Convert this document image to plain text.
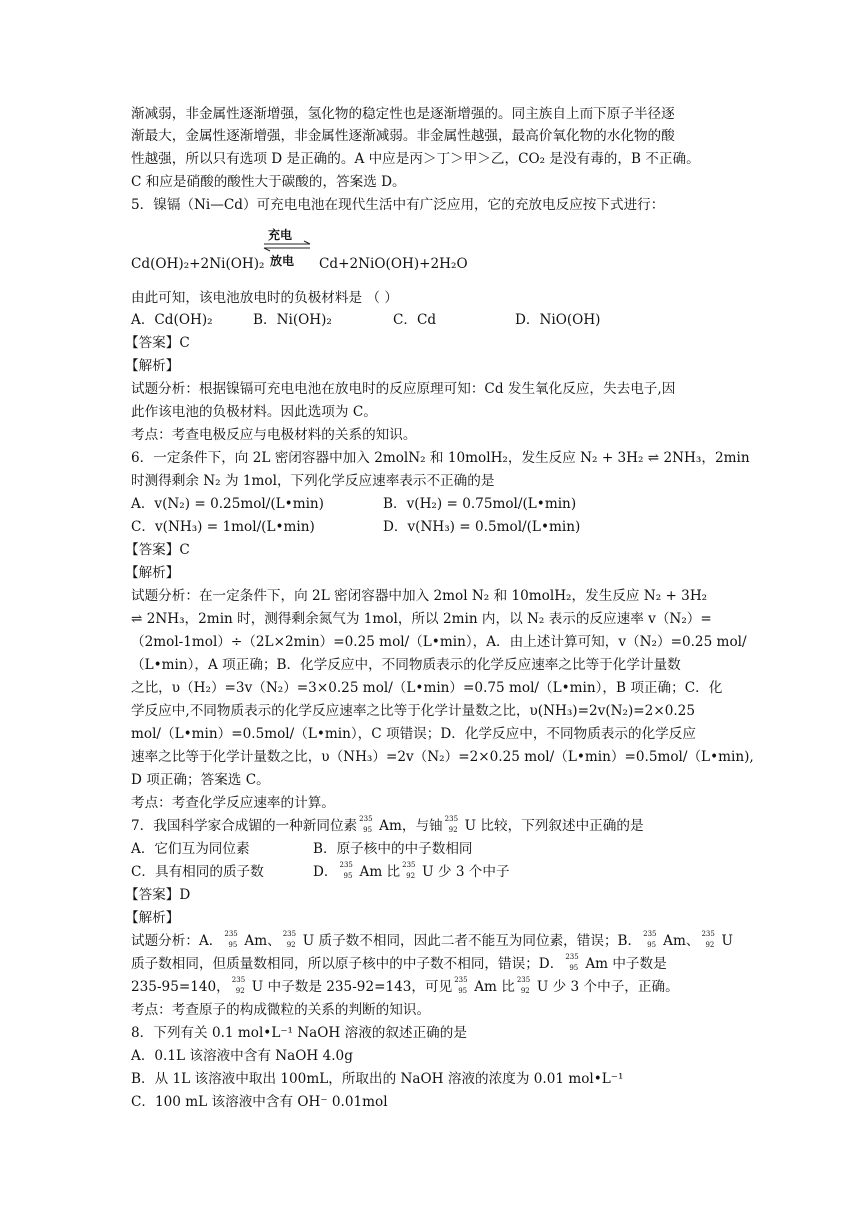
渐减弱，非金属性逐渐增强，氢化物的稳定性也是逐渐增强的。同主族自上而下原子半径逐
渐最大，金属性逐渐增强，非金属性逐渐减弱。非金属性越强，最高价氧化物的水化物的酸
性越强，所以只有选项 D 是正确的。A 中应是丙＞丁＞甲＞乙，CO₂ 是没有毒的，B 不正确。
C 和应是硝酸的酸性大于碳酸的，答案选 D。
5．镍镉（Ni—Cd）可充电电池在现代生活中有广泛应用，它的充放电反应按下式进行：
Cd(OH)₂+2Ni(OH)₂
充电
放电 Cd+2NiO(OH)+2H₂O
由此可知，该电池放电时的负极材料是 （ ）
A．Cd(OH)₂	B．Ni(OH)₂	C．Cd	D．NiO(OH)
【答案】C
【解析】
试题分析：根据镍镉可充电电池在放电时的反应原理可知：Cd 发生氧化反应，失去电子,因
此作该电池的负极材料。因此选项为 C。
考点：考查电极反应与电极材料的关系的知识。
6．一定条件下，向 2L 密闭容器中加入 2molN₂ 和 10molH₂，发生反应 N₂ + 3H₂ ⇌ 2NH₃，2min
时测得剩余 N₂ 为 1mol，下列化学反应速率表示不正确的是
A．v(N₂) = 0.25mol/(L•min)	B．v(H₂) = 0.75mol/(L•min)
C．v(NH₃) = 1mol/(L•min)	D．v(NH₃) = 0.5mol/(L•min)
【答案】C
【解析】
试题分析：在一定条件下，向 2L 密闭容器中加入 2mol N₂ 和 10molH₂，发生反应 N₂ + 3H₂
⇌ 2NH₃，2min 时，测得剩余氮气为 1mol，所以 2min 内，以 N₂ 表示的反应速率 v（N₂）=
（2mol-1mol）÷（2L×2min）=0.25 mol/（L•min），A．由上述计算可知，v（N₂）=0.25 mol/
（L•min），A 项正确；B．化学反应中，不同物质表示的化学反应速率之比等于化学计量数
之比，υ（H₂）=3v（N₂）=3×0.25 mol/（L•min）=0.75 mol/（L•min），B 项正确；C．化
学反应中,不同物质表示的化学反应速率之比等于化学计量数之比，υ(NH₃)=2v(N₂)=2×0.25
mol/（L•min）=0.5mol/（L•min），C 项错误；D．化学反应中，不同物质表示的化学反应
速率之比等于化学计量数之比，υ（NH₃）=2v（N₂）=2×0.25 mol/（L•min）=0.5mol/（L•min),
D 项正确；答案选 C。
考点：考查化学反应速率的计算。
7．我国科学家合成镅的一种新同位素 235
95 Am，与铀 235
92 U 比较，下列叙述中正确的是
A．它们互为同位素	B．原子核中的中子数相同
C．具有相同的质子数	D． 235
95 Am 比 235
92 U 少 3 个中子
【答案】D
【解析】
试题分析：A． 235
95 Am、 235
92 U 质子数不相同，因此二者不能互为同位素，错误；B． 235
95 Am、 235
92 U
质子数相同，但质量数相同，所以原子核中的中子数不相同，错误；D． 235
95 Am 中子数是
235-95=140， 235
92 U 中子数是 235-92=143，可见 235
95 Am 比 235
92 U 少 3 个中子，正确。
考点：考查原子的构成微粒的关系的判断的知识。
8．下列有关 0.1 mol•L⁻¹ NaOH 溶液的叙述正确的是
A．0.1L 该溶液中含有 NaOH 4.0g
B．从 1L 该溶液中取出 100mL，所取出的 NaOH 溶液的浓度为 0.01 mol•L⁻¹
C．100 mL 该溶液中含有 OH⁻ 0.01mol
